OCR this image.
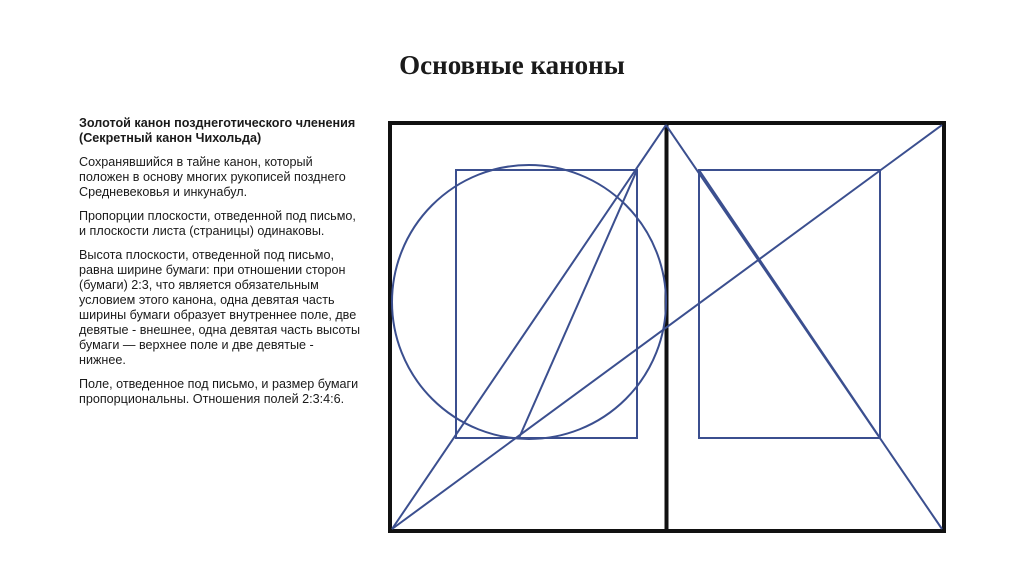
Основные каноны

Золотой канон позднеготического членения (Секретный канон Чихольда)

Сохранявшийся в тайне канон, который положен в основу многих рукописей позднего Средневековья и инкунабул.

Пропорции плоскости, отведенной под письмо, и плоскости листа (страницы) одинаковы.

Высота плоскости, отведенной под письмо, равна ширине бумаги: при отношении сторон (бумаги) 2:3, что является обязательным условием этого канона, одна девятая часть ширины бумаги образует внутреннее поле, две девятые - внешнее, одна девятая часть высоты бумаги — верхнее поле и две девятые - нижнее.

Поле, отведенное под письмо, и размер бумаги пропорциональны. Отношения полей 2:3:4:6.
